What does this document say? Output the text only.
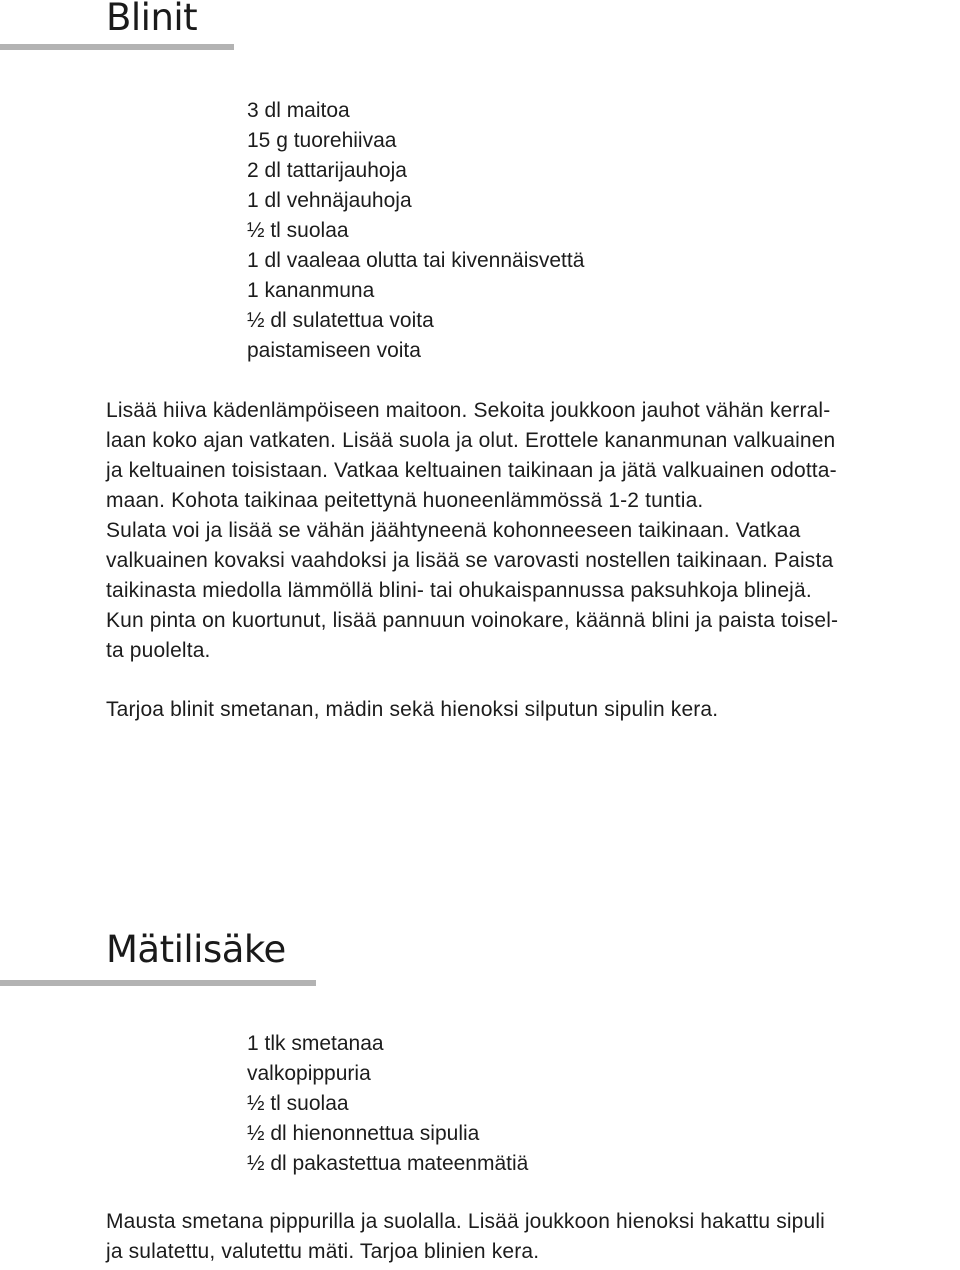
Blinit
3 dl maitoa
15 g tuorehiivaa
2 dl tattarijauhoja
1 dl vehnäjauhoja
½ tl suolaa
1 dl vaaleaa olutta tai kivennäisvettä
1 kananmuna
½ dl sulatettua voita
paistamiseen voita

Lisää hiiva kädenlämpöiseen maitoon. Sekoita joukkoon jauhot vähän kerral-
laan koko ajan vatkaten. Lisää suola ja olut. Erottele kananmunan valkuainen
ja keltuainen toisistaan. Vatkaa keltuainen taikinaan ja jätä valkuainen odotta-
maan. Kohota taikinaa peitettynä huoneenlämmössä 1-2 tuntia.
Sulata voi ja lisää se vähän jäähtyneenä kohonneeseen taikinaan. Vatkaa
valkuainen kovaksi vaahdoksi ja lisää se varovasti nostellen taikinaan. Paista
taikinasta miedolla lämmöllä blini- tai ohukaispannussa paksuhkoja blinejä.
Kun pinta on kuortunut, lisää pannuun voinokare, käännä blini ja paista toisel-
ta puolelta.

Tarjoa blinit smetanan, mädin sekä hienoksi silputun sipulin kera.

Mätilisäke
1 tlk smetanaa
valkopippuria
½ tl suolaa
½ dl hienonnettua sipulia
½ dl pakastettua mateenmätiä

Mausta smetana pippurilla ja suolalla. Lisää joukkoon hienoksi hakattu sipuli
ja sulatettu, valutettu mäti. Tarjoa blinien kera.
